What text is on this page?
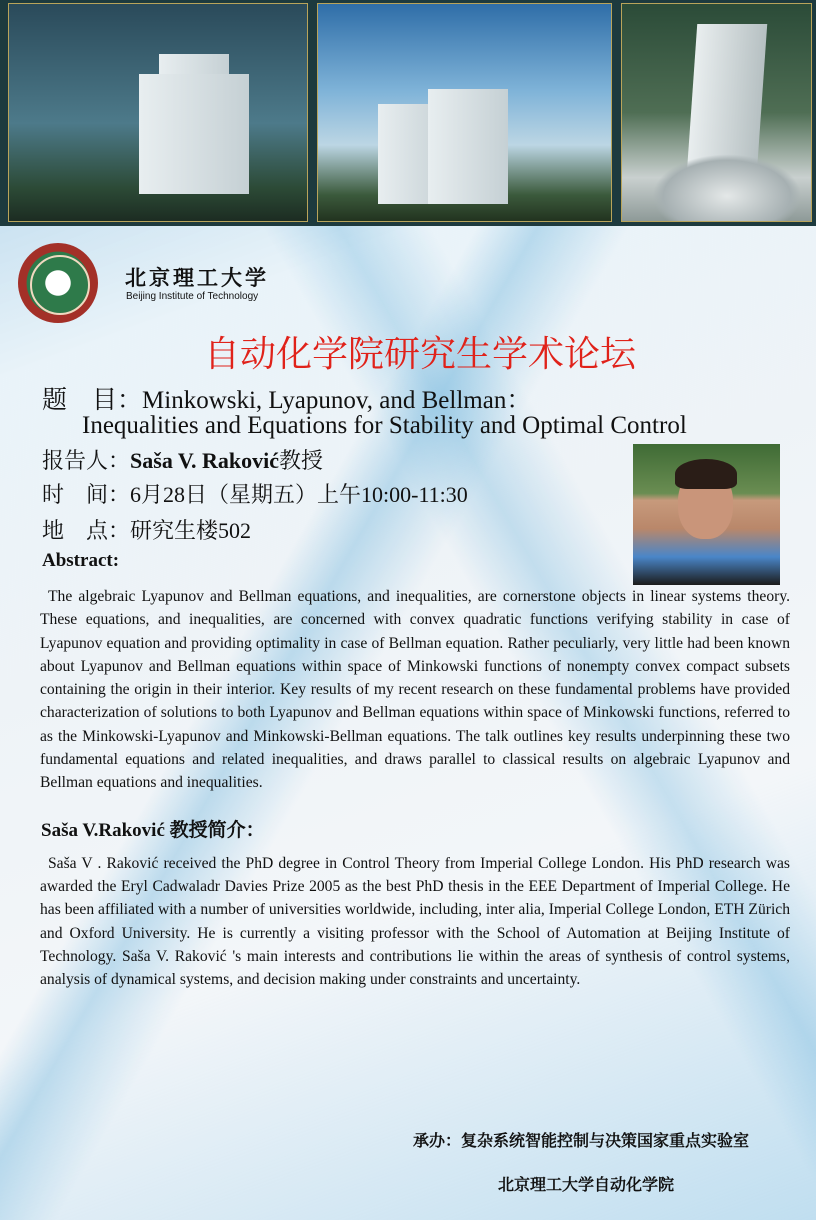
北京理工大学
Beijing Institute of Technology
自动化学院研究生学术论坛
题　目：Minkowski, Lyapunov, and Bellman：
Inequalities and Equations for Stability and Optimal Control
报告人：Saša V. Raković教授
时　间：6月28日（星期五）上午10:00-11:30
地　点：研究生楼502
Abstract:
The algebraic Lyapunov and Bellman equations, and inequalities, are cornerstone objects in linear systems theory. These equations, and inequalities, are concerned with convex quadratic functions verifying stability in case of Lyapunov equation and providing optimality in case of Bellman equation. Rather peculiarly, very little had been known about Lyapunov and Bellman equations within space of Minkowski functions of nonempty convex compact subsets containing the origin in their interior. Key results of my recent research on these fundamental problems have provided characterization of solutions to both Lyapunov and Bellman equations within space of Minkowski functions, referred to as the Minkowski-Lyapunov and Minkowski-Bellman equations. The talk outlines key results underpinning these two fundamental equations and related inequalities, and draws parallel to classical results on algebraic Lyapunov and Bellman equations and inequalities.
Saša V.Raković 教授简介：
Saša V . Raković received the PhD degree in Control Theory from Imperial College London. His PhD research was awarded the Eryl Cadwaladr Davies Prize 2005 as the best PhD thesis in the EEE Department of Imperial College. He has been affiliated with a number of universities worldwide, including, inter alia, Imperial College London, ETH Zürich and Oxford University. He is currently a visiting professor with the School of Automation at Beijing Institute of Technology. Saša V. Raković 's main interests and contributions lie within the areas of synthesis of control systems, analysis of dynamical systems, and decision making under constraints and uncertainty.
承办：复杂系统智能控制与决策国家重点实验室
北京理工大学自动化学院
